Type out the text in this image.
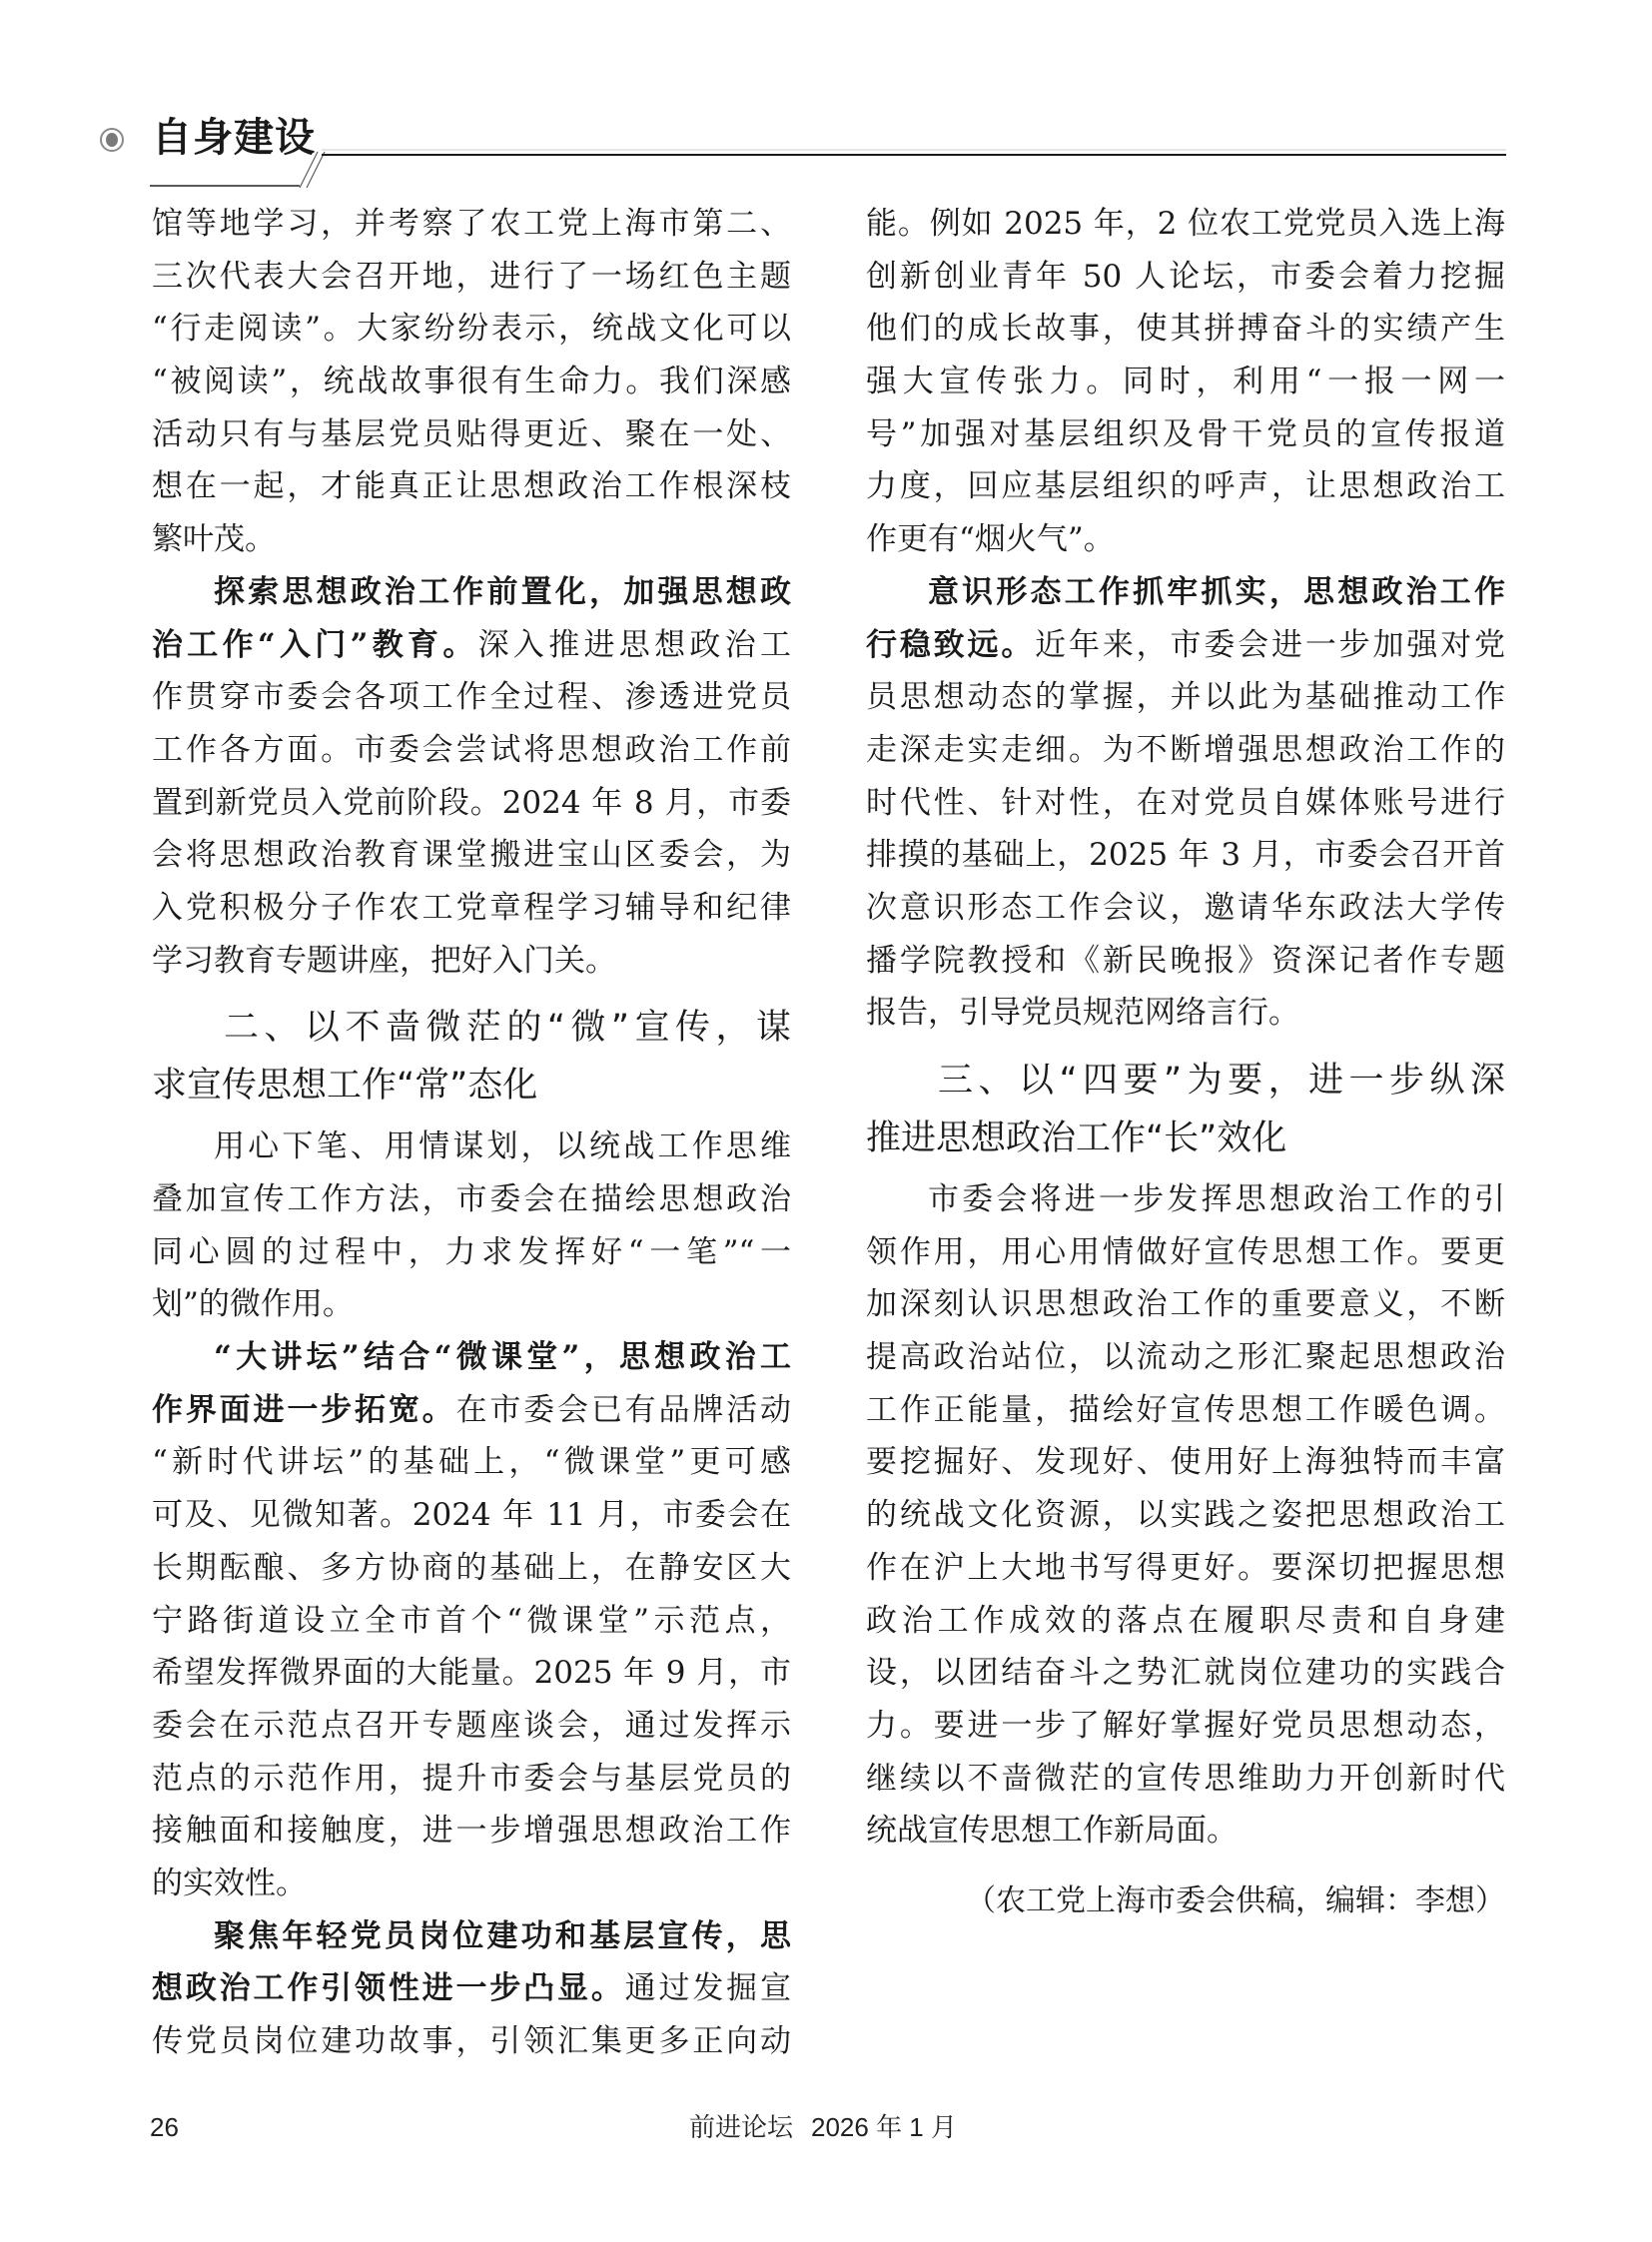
自身建设
馆等地学习，并考察了农工党上海市第二、
三次代表大会召开地，进行了一场红色主题
“行走阅读”。大家纷纷表示，统战文化可以
“被阅读”，统战故事很有生命力。我们深感
活动只有与基层党员贴得更近、聚在一处、
想在一起，才能真正让思想政治工作根深枝
繁叶茂。
探索思想政治工作前置化，加强思想政
治工作“入门”教育。深入推进思想政治工
作贯穿市委会各项工作全过程、渗透进党员
工作各方面。市委会尝试将思想政治工作前
置到新党员入党前阶段。2024 年 8 月，市委
会将思想政治教育课堂搬进宝山区委会，为
入党积极分子作农工党章程学习辅导和纪律
学习教育专题讲座，把好入门关。
二、以不啬微茫的“微”宣传，谋
求宣传思想工作“常”态化
用心下笔、用情谋划，以统战工作思维
叠加宣传工作方法，市委会在描绘思想政治
同心圆的过程中，力求发挥好“一笔”“一
划”的微作用。
“大讲坛”结合“微课堂”，思想政治工
作界面进一步拓宽。在市委会已有品牌活动
“新时代讲坛”的基础上，“微课堂”更可感
可及、见微知著。2024 年 11 月，市委会在
长期酝酿、多方协商的基础上，在静安区大
宁路街道设立全市首个“微课堂”示范点，
希望发挥微界面的大能量。2025 年 9 月，市
委会在示范点召开专题座谈会，通过发挥示
范点的示范作用，提升市委会与基层党员的
接触面和接触度，进一步增强思想政治工作
的实效性。
聚焦年轻党员岗位建功和基层宣传，思
想政治工作引领性进一步凸显。通过发掘宣
传党员岗位建功故事，引领汇集更多正向动
能。例如 2025 年，2 位农工党党员入选上海
创新创业青年 50 人论坛，市委会着力挖掘
他们的成长故事，使其拼搏奋斗的实绩产生
强大宣传张力。同时，利用“一报一网一
号”加强对基层组织及骨干党员的宣传报道
力度，回应基层组织的呼声，让思想政治工
作更有“烟火气”。
意识形态工作抓牢抓实，思想政治工作
行稳致远。近年来，市委会进一步加强对党
员思想动态的掌握，并以此为基础推动工作
走深走实走细。为不断增强思想政治工作的
时代性、针对性，在对党员自媒体账号进行
排摸的基础上，2025 年 3 月，市委会召开首
次意识形态工作会议，邀请华东政法大学传
播学院教授和《新民晚报》资深记者作专题
报告，引导党员规范网络言行。
三、以“四要”为要，进一步纵深
推进思想政治工作“长”效化
市委会将进一步发挥思想政治工作的引
领作用，用心用情做好宣传思想工作。要更
加深刻认识思想政治工作的重要意义，不断
提高政治站位，以流动之形汇聚起思想政治
工作正能量，描绘好宣传思想工作暖色调。
要挖掘好、发现好、使用好上海独特而丰富
的统战文化资源，以实践之姿把思想政治工
作在沪上大地书写得更好。要深切把握思想
政治工作成效的落点在履职尽责和自身建
设，以团结奋斗之势汇就岗位建功的实践合
力。要进一步了解好掌握好党员思想动态，
继续以不啬微茫的宣传思维助力开创新时代
统战宣传思想工作新局面。
（农工党上海市委会供稿，编辑：李想）
26	前进论坛 2026 年 1 月
